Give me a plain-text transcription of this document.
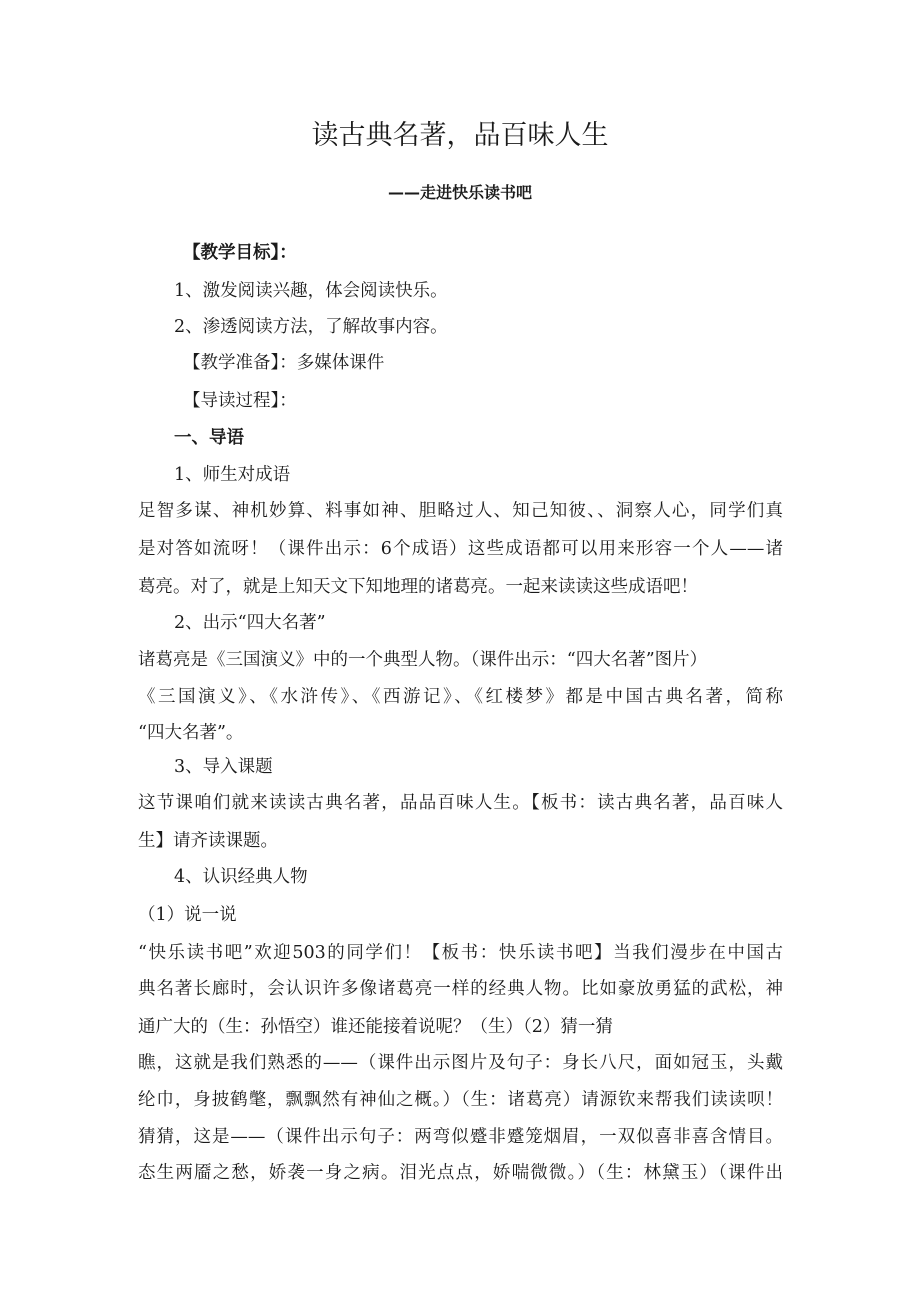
读古典名著，品百味人生
——走进快乐读书吧
【教学目标】：
1、激发阅读兴趣，体会阅读快乐。
2、渗透阅读方法，了解故事内容。
【教学准备】：多媒体课件
【导读过程】：
一、导语
1、师生对成语
足智多谋、神机妙算、料事如神、胆略过人、知己知彼、、洞察人心，同学们真
是对答如流呀！（课件出示：6个成语）这些成语都可以用来形容一个人——诸
葛亮。对了，就是上知天文下知地理的诸葛亮。一起来读读这些成语吧！
2、出示“四大名著”
诸葛亮是《三国演义》中的一个典型人物。（课件出示：“四大名著”图片）
《三国演义》、《水浒传》、《西游记》、《红楼梦》都是中国古典名著，简称
“四大名著”。
3、导入课题
这节课咱们就来读读古典名著，品品百味人生。【板书：读古典名著，品百味人
生】请齐读课题。
4、认识经典人物
（1）说一说
“快乐读书吧”欢迎503的同学们！【板书：快乐读书吧】当我们漫步在中国古
典名著长廊时，会认识许多像诸葛亮一样的经典人物。比如豪放勇猛的武松，神
通广大的（生：孙悟空）谁还能接着说呢？（生）（2）猜一猜
瞧，这就是我们熟悉的——（课件出示图片及句子：身长八尺，面如冠玉，头戴
纶巾，身披鹤氅，飘飘然有神仙之概。）（生：诸葛亮）请源钦来帮我们读读呗！
猜猜，这是——（课件出示句子：两弯似蹙非蹙笼烟眉，一双似喜非喜含情目。
态生两靥之愁，娇袭一身之病。泪光点点，娇喘微微。）（生：林黛玉）（课件出
